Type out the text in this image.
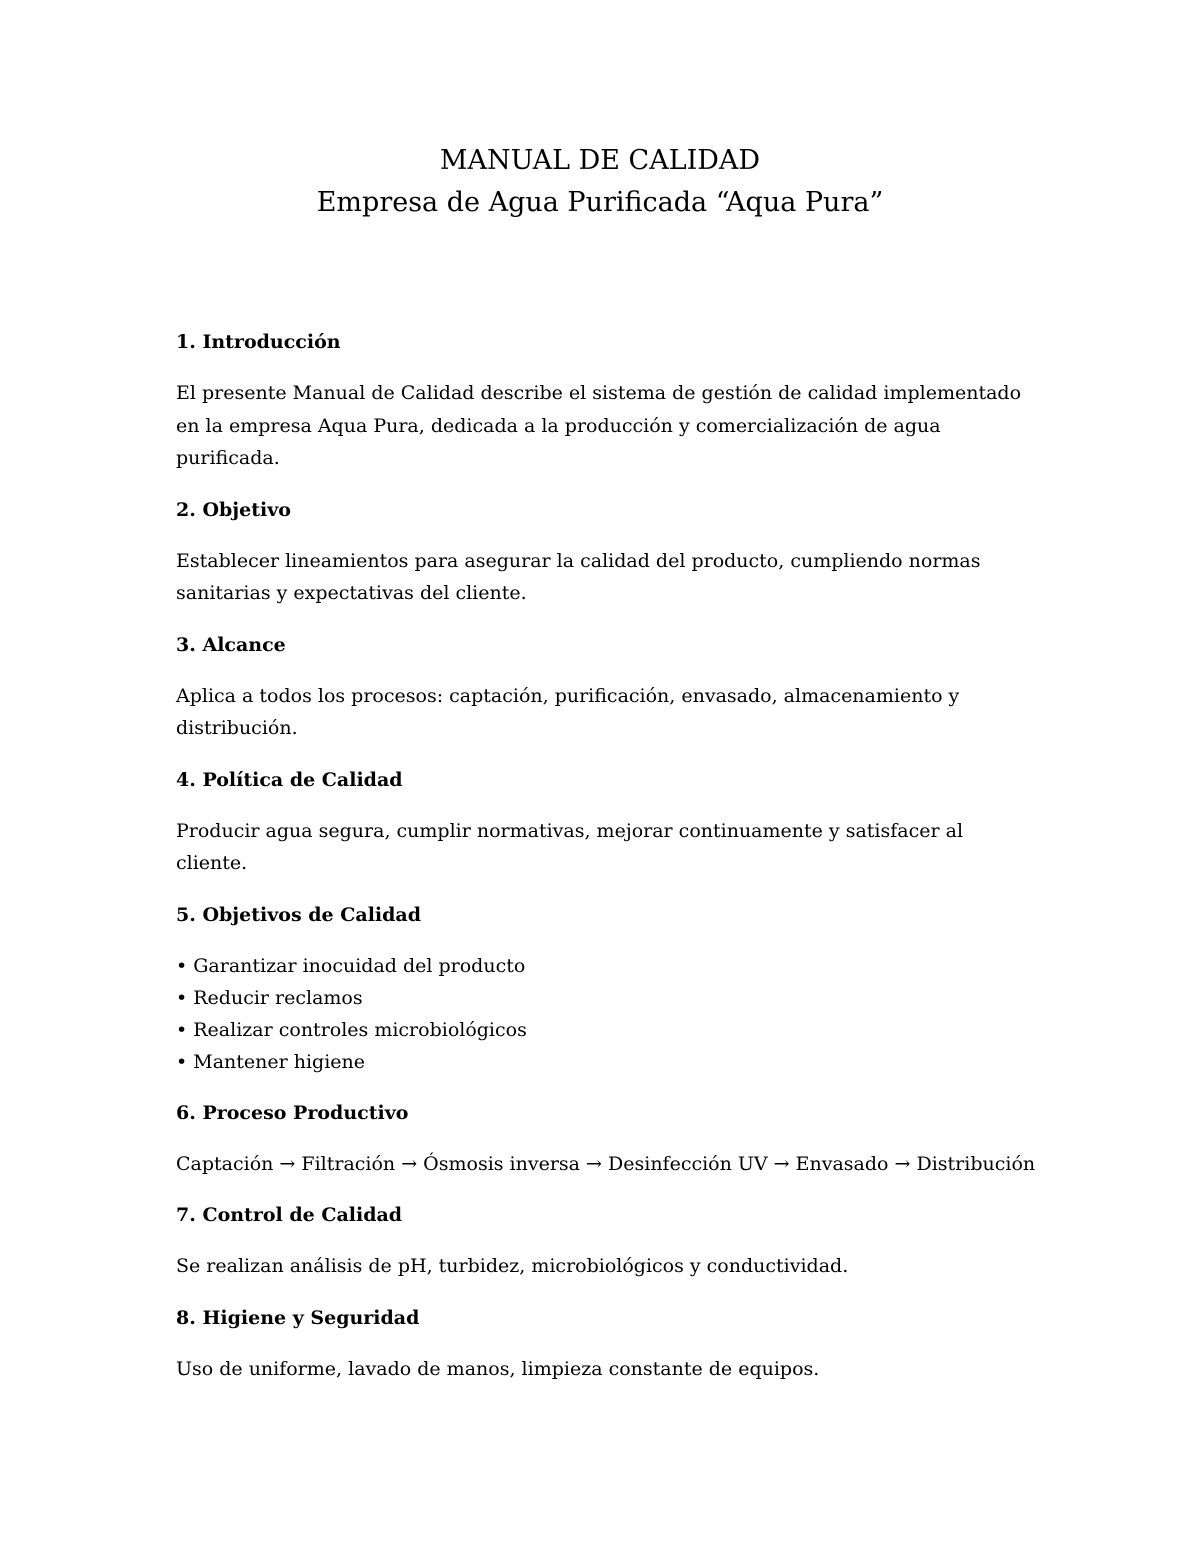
MANUAL DE CALIDAD
Empresa de Agua Purificada “Aqua Pura”
1. Introducción

El presente Manual de Calidad describe el sistema de gestión de calidad implementado en la empresa Aqua Pura, dedicada a la producción y comercialización de agua purificada.

2. Objetivo

Establecer lineamientos para asegurar la calidad del producto, cumpliendo normas sanitarias y expectativas del cliente.

3. Alcance

Aplica a todos los procesos: captación, purificación, envasado, almacenamiento y distribución.

4. Política de Calidad

Producir agua segura, cumplir normativas, mejorar continuamente y satisfacer al cliente.

5. Objetivos de Calidad
• Garantizar inocuidad del producto
• Reducir reclamos
• Realizar controles microbiológicos
• Mantener higiene
6. Proceso Productivo

Captación → Filtración → Ósmosis inversa → Desinfección UV → Envasado → Distribución

7. Control de Calidad

Se realizan análisis de pH, turbidez, microbiológicos y conductividad.

8. Higiene y Seguridad

Uso de uniforme, lavado de manos, limpieza constante de equipos.
